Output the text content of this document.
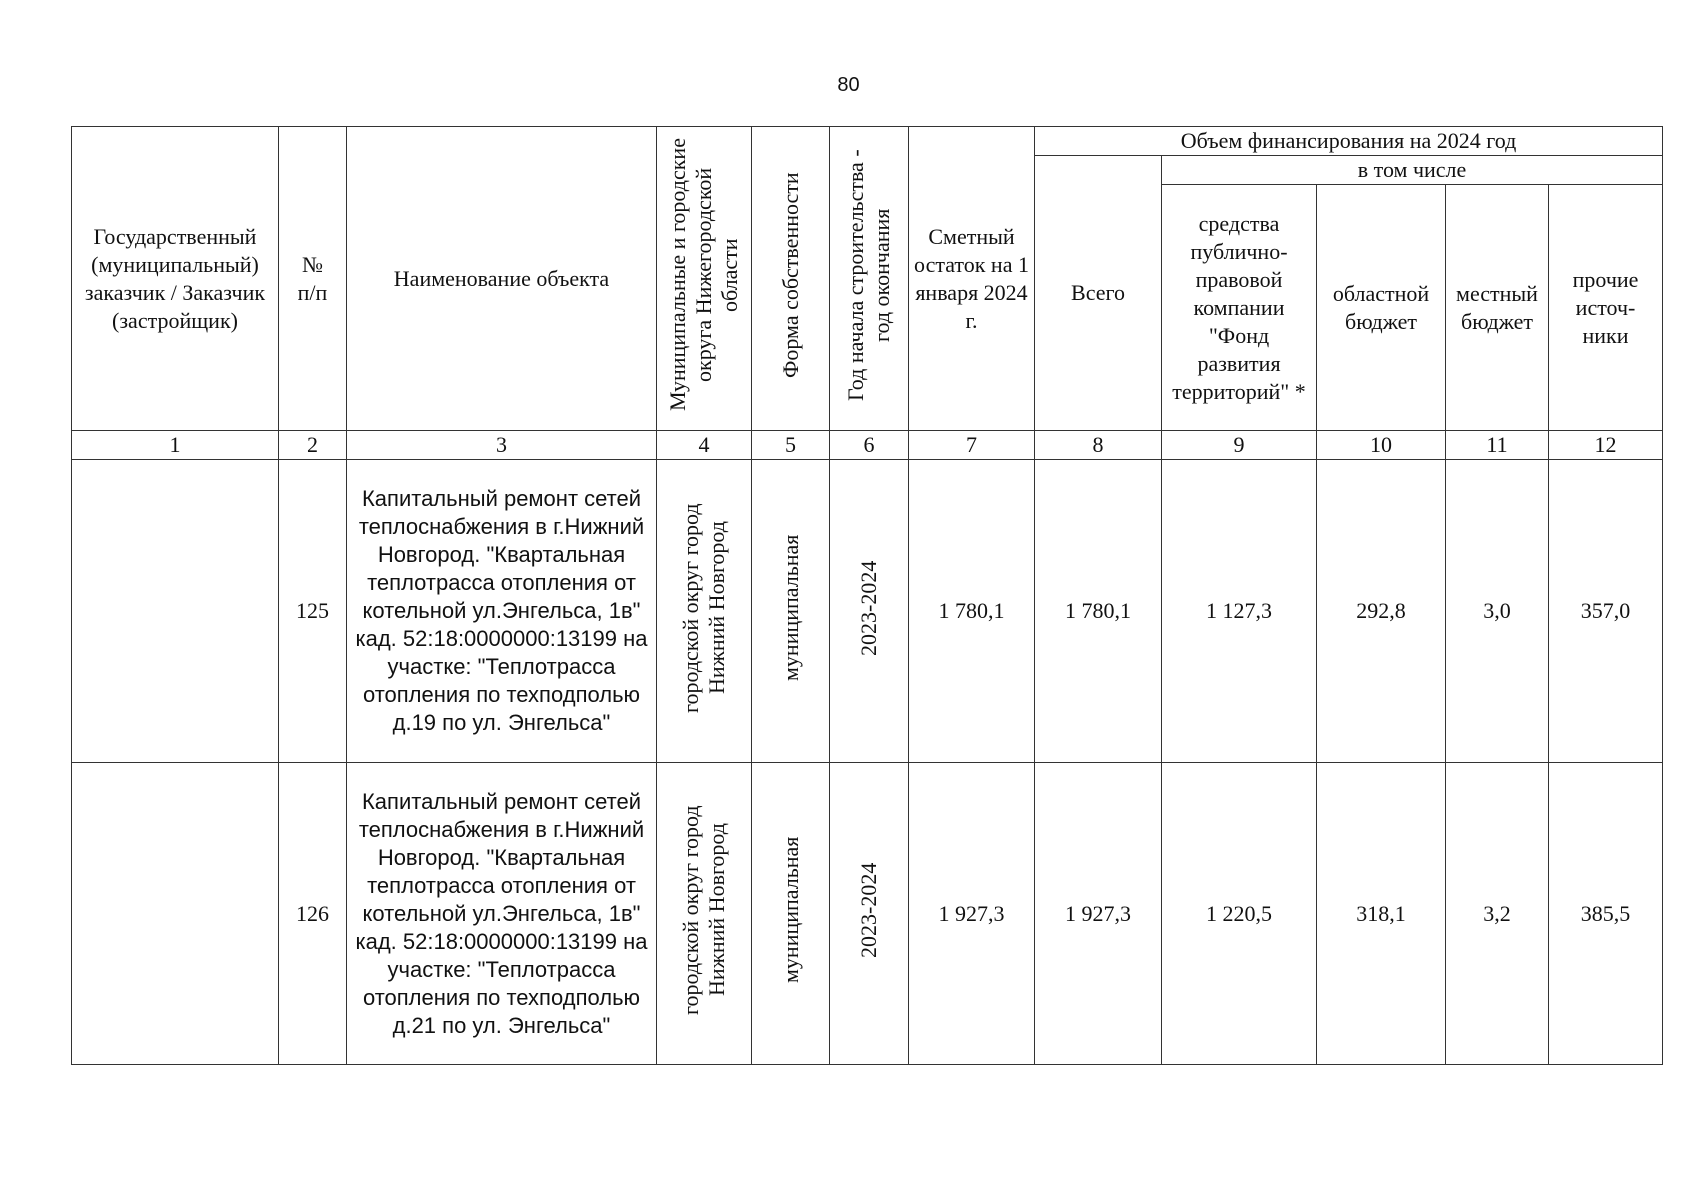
80
Государственный (муниципальный) заказчик / Заказчик (застройщик)	№ п/п	Наименование объекта	Муниципальные и городские округа Нижегородской области	Форма собственности	Год начала строительства - год окончания	Сметный остаток на 1 января 2024 г.	Объем финансирования на 2024 год				
							Всего	в том числе			
								средства публично-правовой компании "Фонд развития территорий" *	областной бюджет	местный бюджет	прочие источ-ники
1	2	3	4	5	6	7	8	9	10	11	12
	125	Капитальный ремонт сетей теплоснабжения в г.Нижний Новгород. "Квартальная теплотрасса отопления от котельной ул.Энгельса, 1в" кад. 52:18:0000000:13199 на участке: "Теплотрасса отопления по техподполью д.19 по ул. Энгельса"	городской округ город Нижний Новгород	муниципальная	2023-2024	1 780,1	1 780,1	1 127,3	292,8	3,0	357,0
	126	Капитальный ремонт сетей теплоснабжения в г.Нижний Новгород. "Квартальная теплотрасса отопления от котельной ул.Энгельса, 1в" кад. 52:18:0000000:13199 на участке: "Теплотрасса отопления по техподполью д.21 по ул. Энгельса"	городской округ город Нижний Новгород	муниципальная	2023-2024	1 927,3	1 927,3	1 220,5	318,1	3,2	385,5
